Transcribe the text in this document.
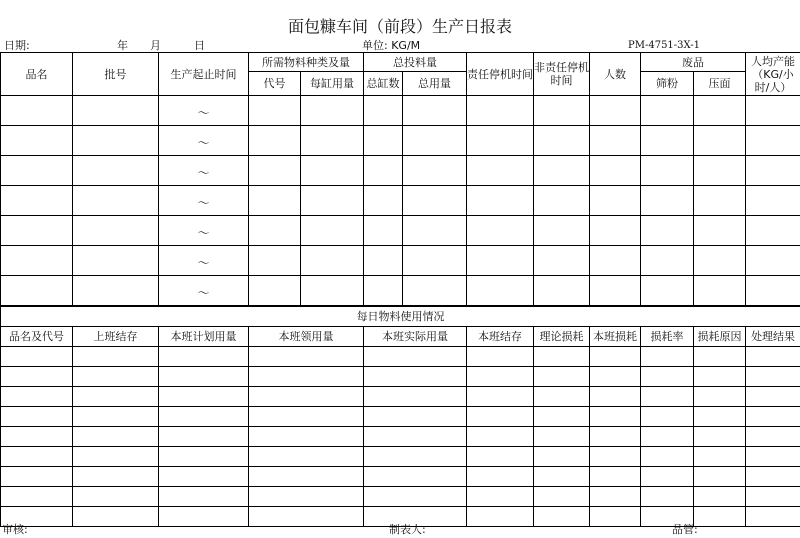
面包糠车间（前段）生产日报表
日期:	年 月	日	单位: KG/M	PM-4751-3X-1
品名	批号	生产起止时间	所需物料种类及量		总投料量		责任停机时间	非责任停机时间	人数	废品		人均产能（KG/小时/人）
			代号	每缸用量	总缸数	总用量				筛粉	压面	
		～										
		～										
		～										
		～										
		～										
		～										
		～										
每日物料使用情况										
品名及代号	上班结存	本班计划用量	本班领用量	本班实际用量	本班结存	理论损耗	本班损耗	损耗率	损耗原因	处理结果

审核:	制表人:	品管:
